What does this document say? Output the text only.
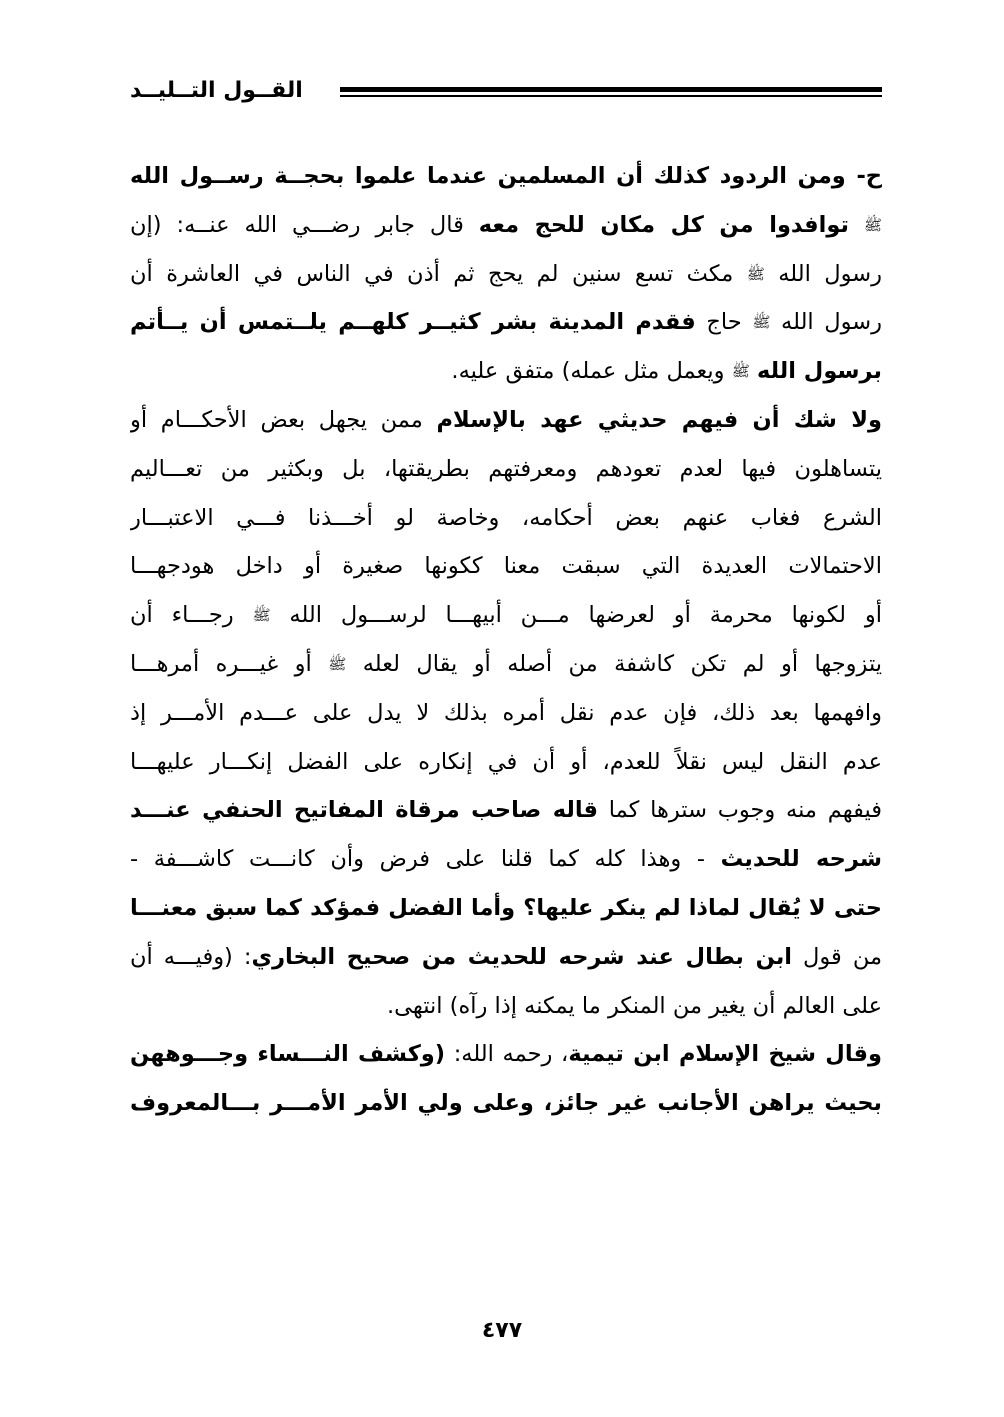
القــول التــليــد
ح- ومن الردود كذلك أن المسلمين عندما علموا بحجــة رســول الله
ﷺ توافدوا من كل مكان للحج معه قال جابر رضـــي الله عنــه: (إن
رسول الله ﷺ مكث تسع سنين لم يحج ثم أذن في الناس في العاشرة أن
رسول الله ﷺ حاج فقدم المدينة بشر كثيــر كلهــم يلــتمس أن يــأتم
برسول الله ﷺ ويعمل مثل عمله) متفق عليه.
ولا شك أن فيهم حديثي عهد بالإسلام ممن يجهل بعض الأحكـــام أو
يتساهلون فيها لعدم تعودهم ومعرفتهم بطريقتها، بل وبكثير من تعـــاليم
الشرع فغاب عنهم بعض أحكامه، وخاصة لو أخـــذنا فـــي الاعتبـــار
الاحتمالات العديدة التي سبقت معنا ككونها صغيرة أو داخل هودجهـــا
أو لكونها محرمة أو لعرضها مـــن أبيهـــا لرســـول الله ﷺ رجـــاء أن
يتزوجها أو لم تكن كاشفة من أصله أو يقال لعله ﷺ أو غيـــره أمرهـــا
وافهمها بعد ذلك، فإن عدم نقل أمره بذلك لا يدل على عـــدم الأمـــر إذ
عدم النقل ليس نقلاً للعدم، أو أن في إنكاره على الفضل إنكـــار عليهـــا
فيفهم منه وجوب سترها كما قاله صاحب مرقاة المفاتيح الحنفي عنـــد
شرحه للحديث - وهذا كله كما قلنا على فرض وأن كانـــت كاشـــفة -
حتى لا يُقال لماذا لم ينكر عليها؟ وأما الفضل فمؤكد كما سبق معنـــا
من قول ابن بطال عند شرحه للحديث من صحيح البخاري: (وفيـــه أن
على العالم أن يغير من المنكر ما يمكنه إذا رآه) انتهى.
وقال شيخ الإسلام ابن تيمية، رحمه الله: (وكشف النـــساء وجـــوههن
بحيث يراهن الأجانب غير جائز، وعلى ولي الأمر الأمـــر بـــالمعروف
٤٧٧
